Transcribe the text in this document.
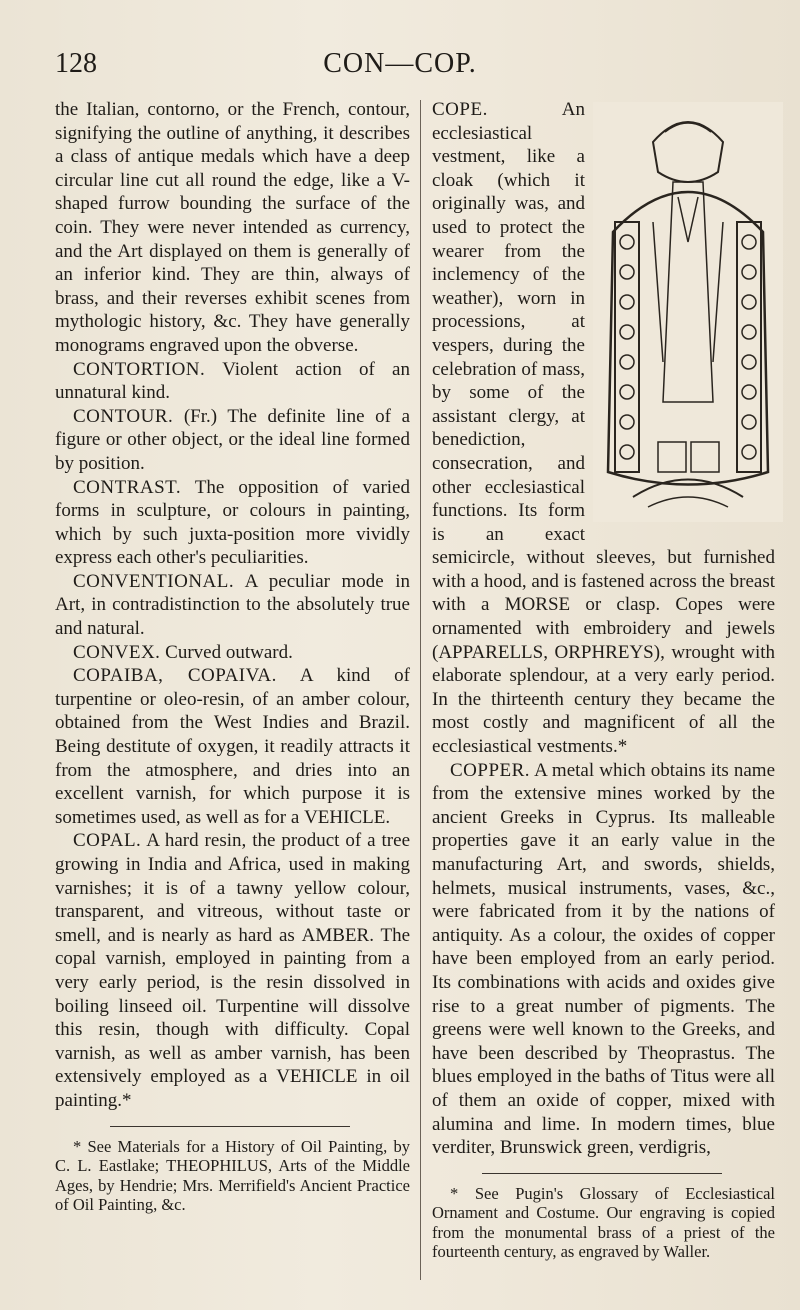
128	CON—COP.

the Italian, contorno, or the French, contour, signifying the outline of anything, it describes a class of antique medals which have a deep circular line cut all round the edge, like a V-shaped furrow bounding the surface of the coin. They were never intended as currency, and the Art displayed on them is generally of an inferior kind. They are thin, always of brass, and their reverses exhibit scenes from mythologic history, &c. They have generally monograms engraved upon the obverse.

CONTORTION. Violent action of an unnatural kind.

CONTOUR. (Fr.) The definite line of a figure or other object, or the ideal line formed by position.

CONTRAST. The opposition of varied forms in sculpture, or colours in painting, which by such juxta-position more vividly express each other's peculiarities.

CONVENTIONAL. A peculiar mode in Art, in contradistinction to the absolutely true and natural.

CONVEX. Curved outward.

COPAIBA, COPAIVA. A kind of turpentine or oleo-resin, of an amber colour, obtained from the West Indies and Brazil. Being destitute of oxygen, it readily attracts it from the atmosphere, and dries into an excellent varnish, for which purpose it is sometimes used, as well as for a VEHICLE.

COPAL. A hard resin, the product of a tree growing in India and Africa, used in making varnishes; it is of a tawny yellow colour, transparent, and vitreous, without taste or smell, and is nearly as hard as AMBER. The copal varnish, employed in painting from a very early period, is the resin dissolved in boiling linseed oil. Turpentine will dissolve this resin, though with difficulty. Copal varnish, as well as amber varnish, has been extensively employed as a VEHICLE in oil painting.*

* See Materials for a History of Oil Painting, by C. L. Eastlake; THEOPHILUS, Arts of the Middle Ages, by Hendrie; Mrs. Merrifield's Ancient Practice of Oil Painting, &c.

COPE.	An ecclesiastical vestment, like a cloak (which it originally was, and used to protect the wearer from the inclemency of the weather), worn in processions, at vespers, during the celebration of mass, by some of the assistant clergy, at benediction, consecration, and other ecclesiastical functions. Its form is an exact semicircle, without sleeves, but furnished with a hood, and is fastened across the breast with a MORSE or clasp. Copes were ornamented with embroidery and jewels (APPARELLS, ORPHREYS), wrought with elaborate splendour, at a very early period. In the thirteenth century they became the most costly and magnificent of all the ecclesiastical vestments.*

COPPER. A metal which obtains its name from the extensive mines worked by the ancient Greeks in Cyprus. Its malleable properties gave it an early value in the manufacturing Art, and swords, shields, helmets, musical instruments, vases, &c., were fabricated from it by the nations of antiquity. As a colour, the oxides of copper have been employed from an early period. Its combinations with acids and oxides give rise to a great number of pigments. The greens were well known to the Greeks, and have been described by Theoprastus. The blues employed in the baths of Titus were all of them an oxide of copper, mixed with alumina and lime. In modern times, blue verditer, Brunswick green, verdigris,

* See Pugin's Glossary of Ecclesiastical Ornament and Costume. Our engraving is copied from the monumental brass of a priest of the fourteenth century, as engraved by Waller.
